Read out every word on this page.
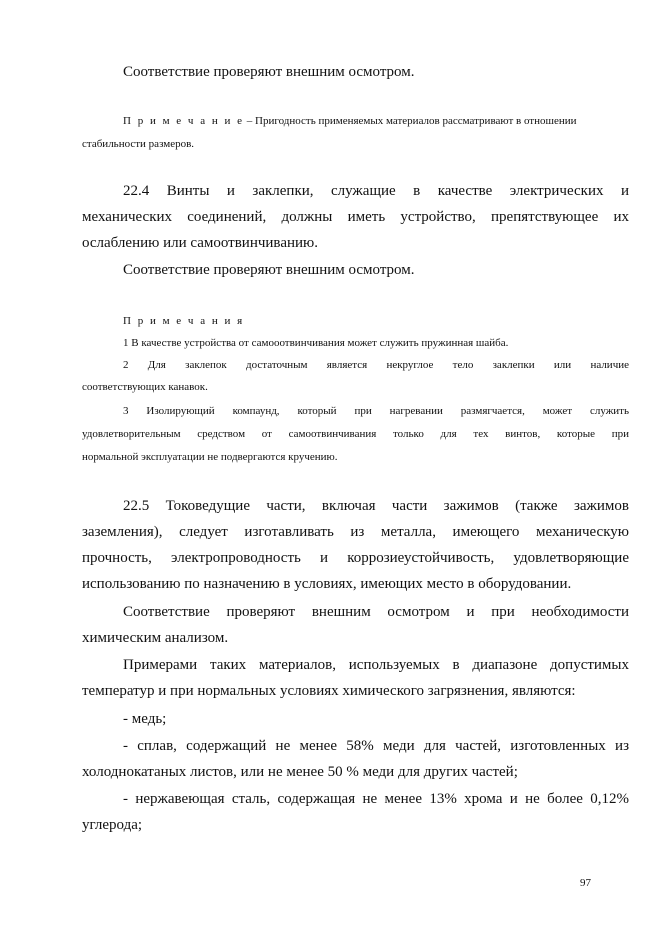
Соответствие проверяют внешним осмотром.
П р и м е ч а н и е – Пригодность применяемых материалов рассматривают в отношении
стабильности размеров.
22.4 Винты и заклепки, служащие в качестве электрических и
механических соединений, должны иметь устройство, препятствующее их
ослаблению или самоотвинчиванию.
Соответствие проверяют внешним осмотром.
П р и м е ч а н и я
1 В качестве устройства от самооотвинчивания может служить пружинная шайба.
2 Для заклепок достаточным является некруглое тело заклепки или наличие
соответствующих канавок.
3 Изолирующий компаунд, который при нагревании размягчается, может служить
удовлетворительным средством от самоотвинчивания только для тех винтов, которые при
нормальной эксплуатации не подвергаются кручению.
22.5 Токоведущие части, включая части зажимов (также зажимов
заземления), следует изготавливать из металла, имеющего механическую
прочность, электропроводность и коррозиеустойчивость, удовлетворяющие
использованию по назначению в условиях, имеющих место в оборудовании.
Соответствие проверяют внешним осмотром и при необходимости
химическим анализом.
Примерами таких материалов, используемых в диапазоне допустимых
температур и при нормальных условиях химического загрязнения, являются:
- медь;
- сплав, содержащий не менее 58% меди для частей, изготовленных из
холоднокатаных листов, или не менее 50 % меди для других частей;
- нержавеющая сталь, содержащая не менее 13% хрома и не более 0,12%
углерода;
97
